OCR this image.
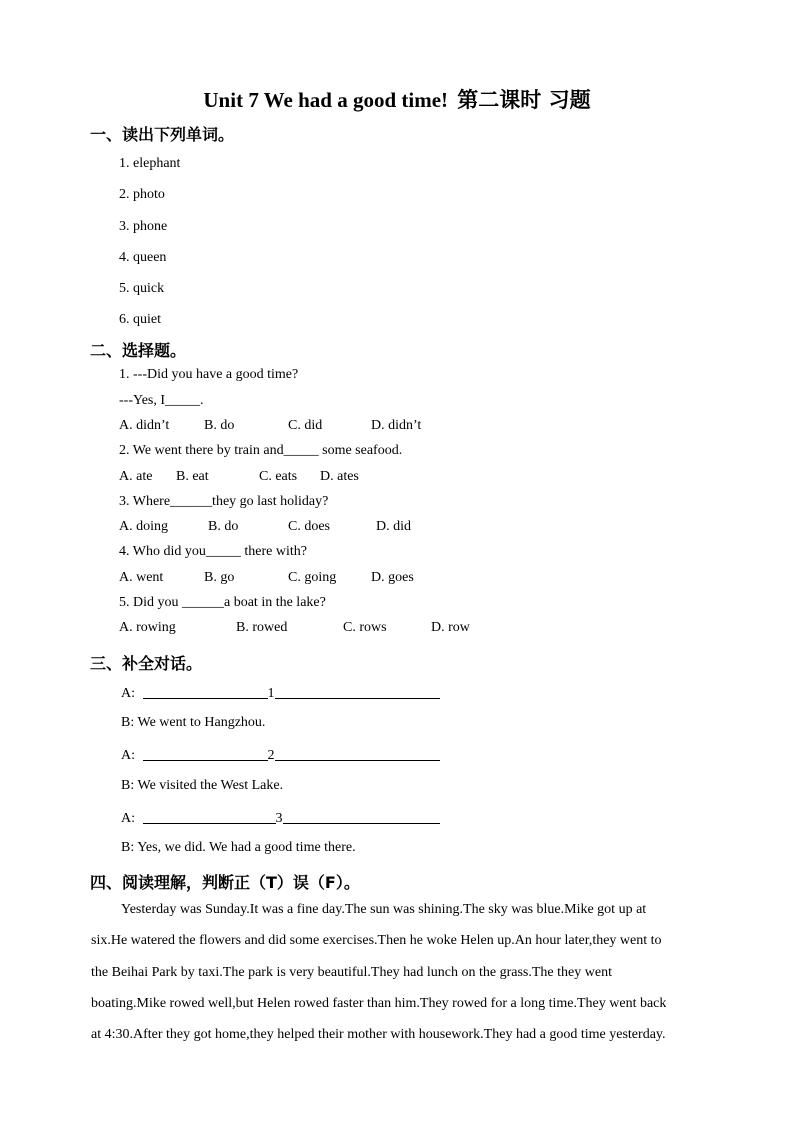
Unit 7 We had a good time! 第二课时 习题
一、读出下列单词。
1. elephant
2. photo
3. phone
4. queen
5. quick
6. quiet
二、选择题。
1. ---Did you have a good time?
---Yes, I_____.
A. didn’t B. do	C. did	D. didn’t
2. We went there by train and_____ some seafood.
A. ate B. eat	C. eats D. ates
3. Where______they go last holiday?
A. doing	B. do	C. does	D. did
4. Who did you_____ there with?
A. went	B. go	C. going D. goes
5. Did you ______a boat in the lake?
A. rowing	B. rowed	C. rows	D. row
三、补全对话。
A:	1
B: We went to Hangzhou.
A:	2
B: We visited the West Lake.
A:	3
B: Yes, we did. We had a good time there.
四、阅读理解，判断正（T）误（F）。
Yesterday was Sunday.It was a fine day.The sun was shining.The sky was blue.Mike got up at
six.He watered the flowers and did some exercises.Then he woke Helen up.An hour later,they went to
the Beihai Park by taxi.The park is very beautiful.They had lunch on the grass.The they went
boating.Mike rowed well,but Helen rowed faster than him.They rowed for a long time.They went back
at 4:30.After they got home,they helped their mother with housework.They had a good time yesterday.
